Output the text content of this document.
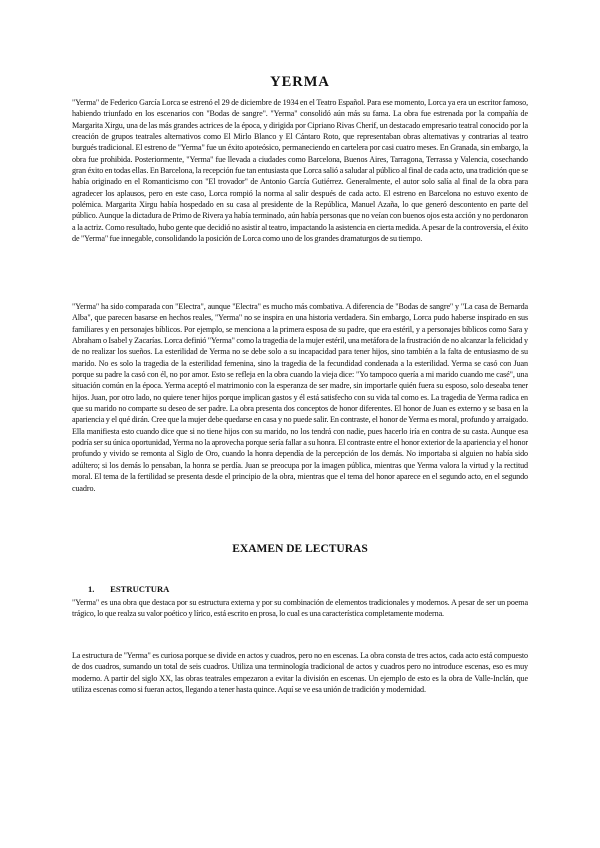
YERMA

"Yerma" de Federico García Lorca se estrenó el 29 de diciembre de 1934 en el Teatro Español. Para ese momento, Lorca ya era un escritor famoso, habiendo triunfado en los escenarios con "Bodas de sangre". "Yerma" consolidó aún más su fama. La obra fue estrenada por la compañía de Margarita Xirgu, una de las más grandes actrices de la época, y dirigida por Cipriano Rivas Cherif, un destacado empresario teatral conocido por la creación de grupos teatrales alternativos como El Mirlo Blanco y El Cántaro Roto, que representaban obras alternativas y contrarias al teatro burgués tradicional. El estreno de "Yerma" fue un éxito apoteósico, permaneciendo en cartelera por casi cuatro meses. En Granada, sin embargo, la obra fue prohibida. Posteriormente, "Yerma" fue llevada a ciudades como Barcelona, Buenos Aires, Tarragona, Terrassa y Valencia, cosechando gran éxito en todas ellas. En Barcelona, la recepción fue tan entusiasta que Lorca salió a saludar al público al final de cada acto, una tradición que se había originado en el Romanticismo con "El trovador" de Antonio García Gutiérrez. Generalmente, el autor solo salía al final de la obra para agradecer los aplausos, pero en este caso, Lorca rompió la norma al salir después de cada acto. El estreno en Barcelona no estuvo exento de polémica. Margarita Xirgu había hospedado en su casa al presidente de la República, Manuel Azaña, lo que generó descontento en parte del público. Aunque la dictadura de Primo de Rivera ya había terminado, aún había personas que no veían con buenos ojos esta acción y no perdonaron a la actriz. Como resultado, hubo gente que decidió no asistir al teatro, impactando la asistencia en cierta medida. A pesar de la controversia, el éxito de "Yerma" fue innegable, consolidando la posición de Lorca como uno de los grandes dramaturgos de su tiempo.

"Yerma" ha sido comparada con "Electra", aunque "Electra" es mucho más combativa. A diferencia de "Bodas de sangre" y "La casa de Bernarda Alba", que parecen basarse en hechos reales, "Yerma" no se inspira en una historia verdadera. Sin embargo, Lorca pudo haberse inspirado en sus familiares y en personajes bíblicos. Por ejemplo, se menciona a la primera esposa de su padre, que era estéril, y a personajes bíblicos como Sara y Abraham o Isabel y Zacarías. Lorca definió "Yerma" como la tragedia de la mujer estéril, una metáfora de la frustración de no alcanzar la felicidad y de no realizar los sueños. La esterilidad de Yerma no se debe solo a su incapacidad para tener hijos, sino también a la falta de entusiasmo de su marido. No es solo la tragedia de la esterilidad femenina, sino la tragedia de la fecundidad condenada a la esterilidad. Yerma se casó con Juan porque su padre la casó con él, no por amor. Esto se refleja en la obra cuando la vieja dice: "Yo tampoco quería a mi marido cuando me casé", una situación común en la época. Yerma aceptó el matrimonio con la esperanza de ser madre, sin importarle quién fuera su esposo, solo deseaba tener hijos. Juan, por otro lado, no quiere tener hijos porque implican gastos y él está satisfecho con su vida tal como es. La tragedia de Yerma radica en que su marido no comparte su deseo de ser padre. La obra presenta dos conceptos de honor diferentes. El honor de Juan es externo y se basa en la apariencia y el qué dirán. Cree que la mujer debe quedarse en casa y no puede salir. En contraste, el honor de Yerma es moral, profundo y arraigado. Ella manifiesta esto cuando dice que si no tiene hijos con su marido, no los tendrá con nadie, pues hacerlo iría en contra de su casta. Aunque esa podría ser su única oportunidad, Yerma no la aprovecha porque sería fallar a su honra. El contraste entre el honor exterior de la apariencia y el honor profundo y vivido se remonta al Siglo de Oro, cuando la honra dependía de la percepción de los demás. No importaba si alguien no había sido adúltero; si los demás lo pensaban, la honra se perdía. Juan se preocupa por la imagen pública, mientras que Yerma valora la virtud y la rectitud moral. El tema de la fertilidad se presenta desde el principio de la obra, mientras que el tema del honor aparece en el segundo acto, en el segundo cuadro.

EXAMEN DE LECTURAS
1. ESTRUCTURA

"Yerma" es una obra que destaca por su estructura externa y por su combinación de elementos tradicionales y modernos. A pesar de ser un poema trágico, lo que realza su valor poético y lírico, está escrito en prosa, lo cual es una característica completamente moderna.

La estructura de "Yerma" es curiosa porque se divide en actos y cuadros, pero no en escenas. La obra consta de tres actos, cada acto está compuesto de dos cuadros, sumando un total de seis cuadros. Utiliza una terminología tradicional de actos y cuadros pero no introduce escenas, eso es muy moderno. A partir del siglo XX, las obras teatrales empezaron a evitar la división en escenas. Un ejemplo de esto es la obra de Valle-Inclán, que utiliza escenas como si fueran actos, llegando a tener hasta quince. Aquí se ve esa unión de tradición y modernidad.
